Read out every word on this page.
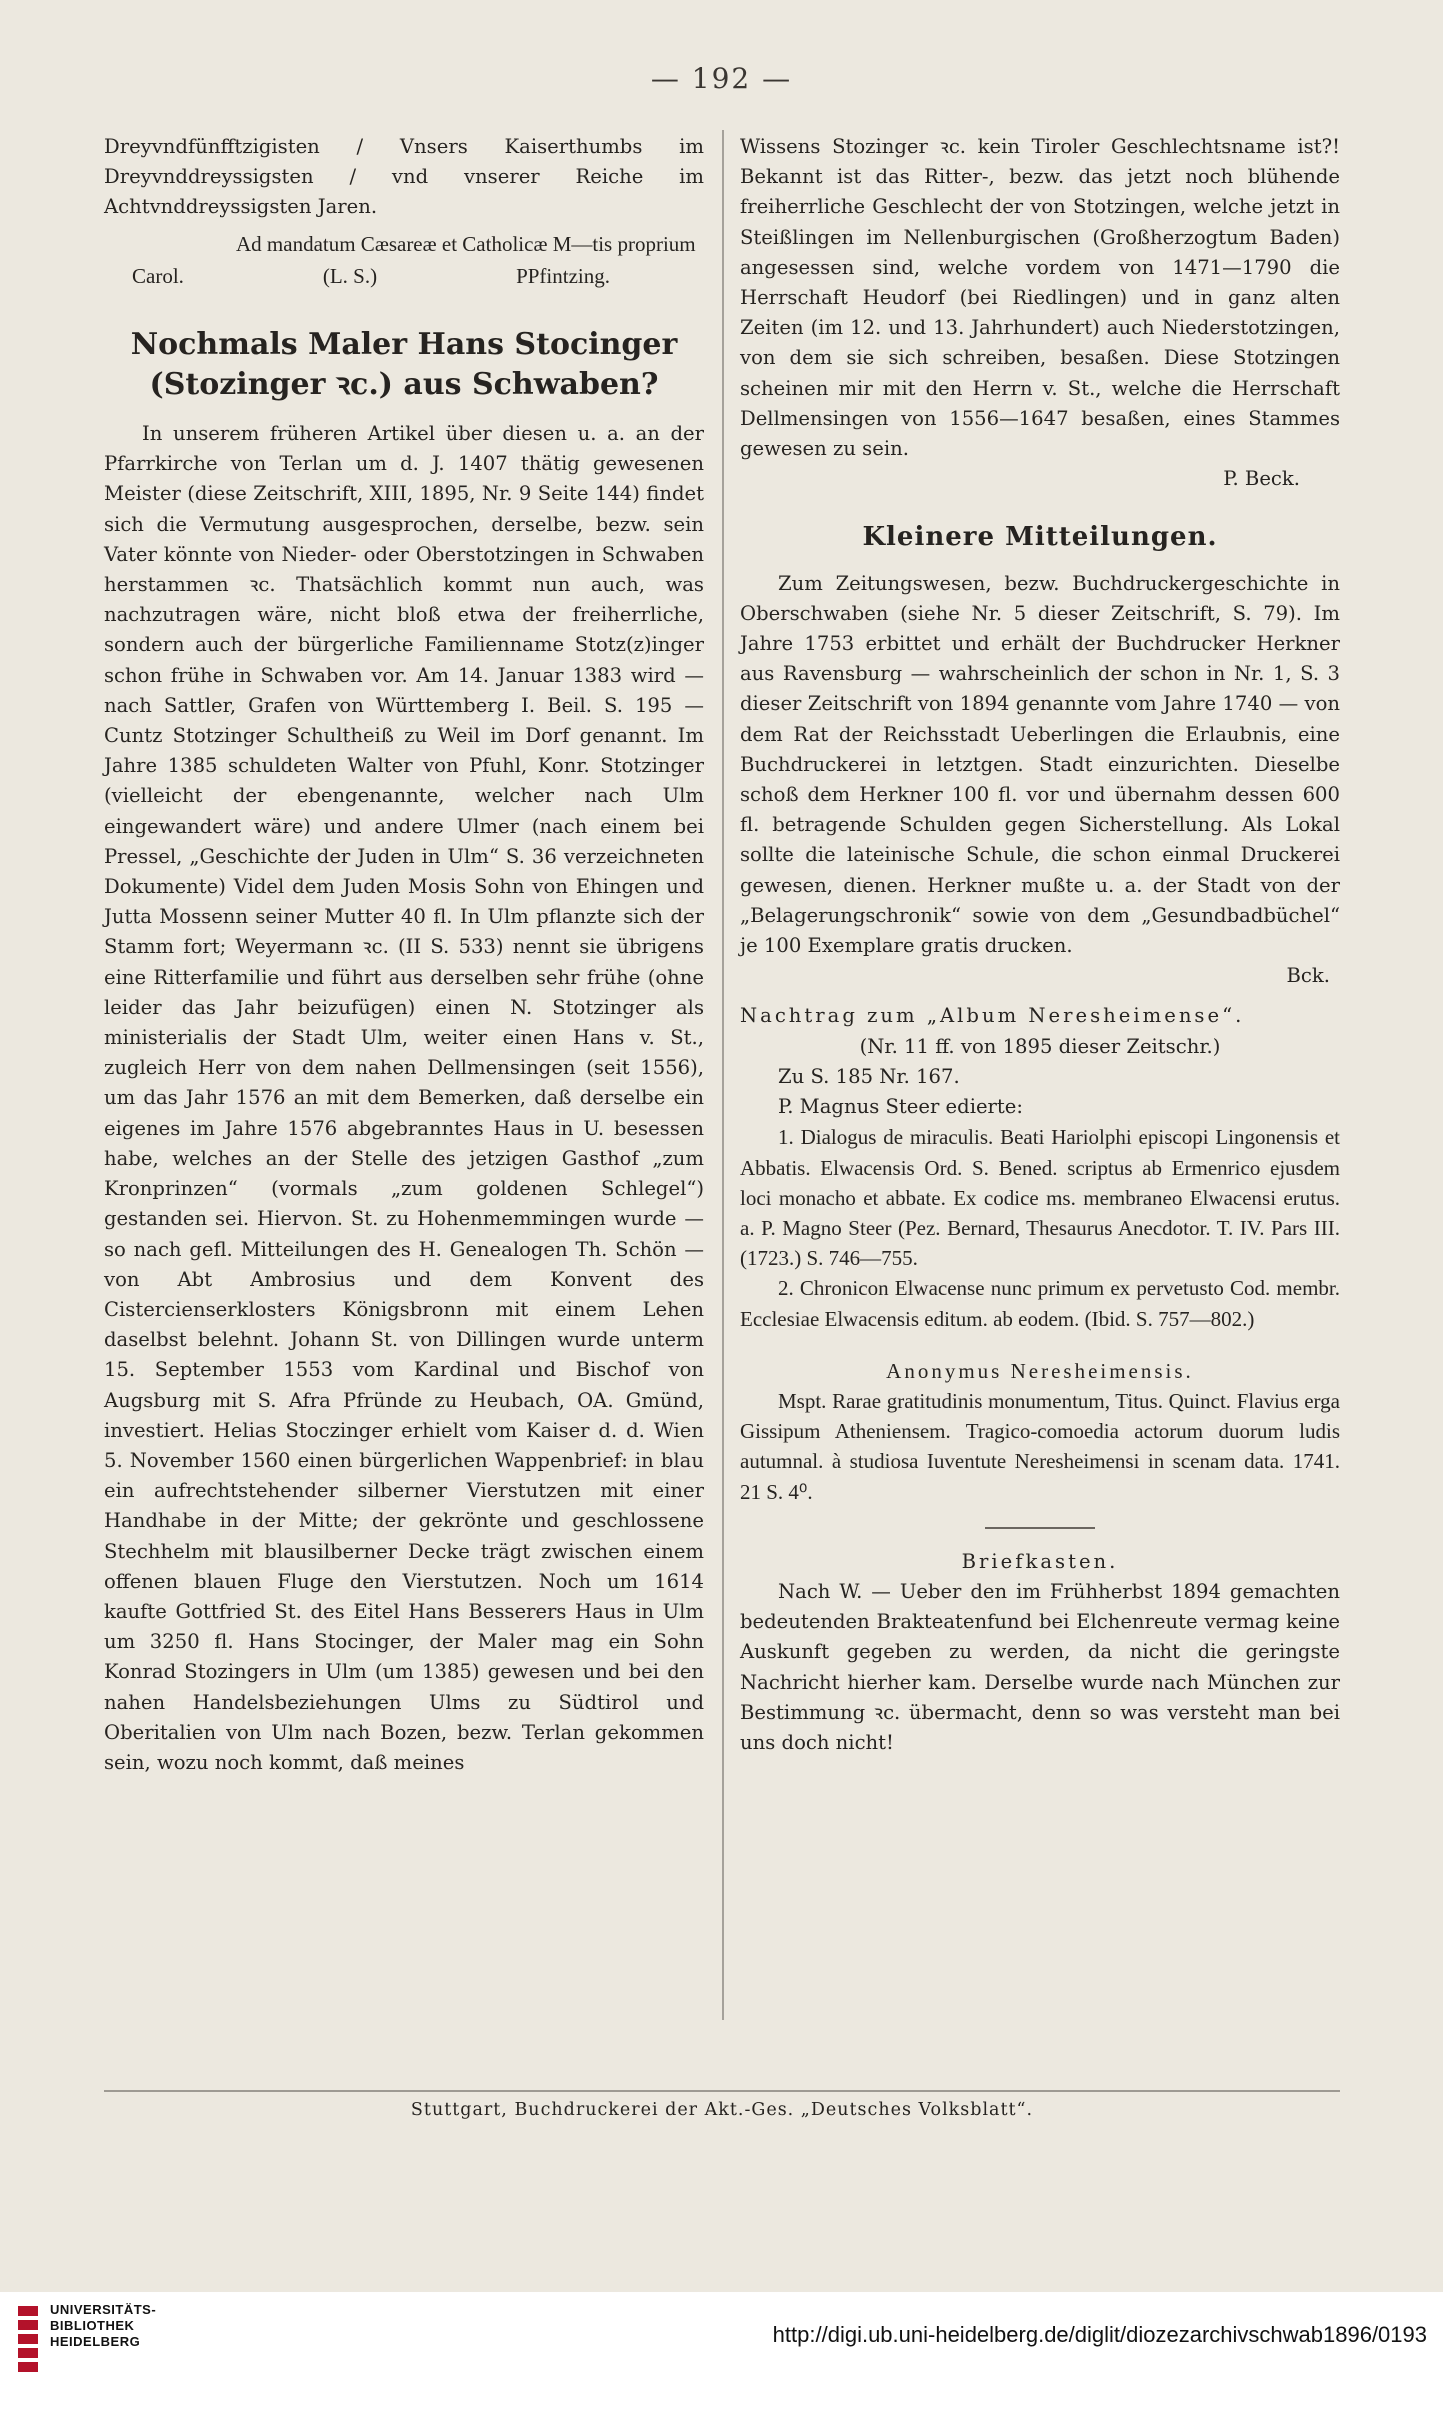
— 192 —

Dreyvndfünfftzigisten / Vnsers Kaiserthumbs im Dreyvnddreyssigsten / vnd vnserer Reiche im Achtvnddreyssigsten Jaren.

Ad mandatum Cæsareæ et Catholicæ M—tis proprium

Carol.	(L. S.)	PPfintzing.
Nochmals Maler Hans Stocinger (Stozinger ꝛc.) aus Schwaben?

In unserem früheren Artikel über diesen u. a. an der Pfarrkirche von Terlan um d. J. 1407 thätig gewesenen Meister (diese Zeitschrift, XIII, 1895, Nr. 9 Seite 144) findet sich die Vermutung ausgesprochen, derselbe, bezw. sein Vater könnte von Nieder- oder Oberstotzingen in Schwaben herstammen ꝛc. Thatsächlich kommt nun auch, was nachzutragen wäre, nicht bloß etwa der freiherrliche, sondern auch der bürgerliche Familienname Stotz(z)inger schon frühe in Schwaben vor. Am 14. Januar 1383 wird — nach Sattler, Grafen von Württemberg I. Beil. S. 195 — Cuntz Stotzinger Schultheiß zu Weil im Dorf genannt. Im Jahre 1385 schuldeten Walter von Pfuhl, Konr. Stotzinger (vielleicht der ebengenannte, welcher nach Ulm eingewandert wäre) und andere Ulmer (nach einem bei Pressel, „Geschichte der Juden in Ulm“ S. 36 verzeichneten Dokumente) Videl dem Juden Mosis Sohn von Ehingen und Jutta Mossenn seiner Mutter 40 fl. In Ulm pflanzte sich der Stamm fort; Weyermann ꝛc. (II S. 533) nennt sie übrigens eine Ritterfamilie und führt aus derselben sehr frühe (ohne leider das Jahr beizufügen) einen N. Stotzinger als ministerialis der Stadt Ulm, weiter einen Hans v. St., zugleich Herr von dem nahen Dellmensingen (seit 1556), um das Jahr 1576 an mit dem Bemerken, daß derselbe ein eigenes im Jahre 1576 abgebranntes Haus in U. besessen habe, welches an der Stelle des jetzigen Gasthof „zum Kronprinzen“ (vormals „zum goldenen Schlegel“) gestanden sei. Hiervon. St. zu Hohenmemmingen wurde — so nach gefl. Mitteilungen des H. Genealogen Th. Schön — von Abt Ambrosius und dem Konvent des Cistercienserklosters Königsbronn mit einem Lehen daselbst belehnt. Johann St. von Dillingen wurde unterm 15. September 1553 vom Kardinal und Bischof von Augsburg mit S. Afra Pfründe zu Heubach, OA. Gmünd, investiert. Helias Stoczinger erhielt vom Kaiser d. d. Wien 5. November 1560 einen bürgerlichen Wappenbrief: in blau ein aufrechtstehender silberner Vierstutzen mit einer Handhabe in der Mitte; der gekrönte und geschlossene Stechhelm mit blausilberner Decke trägt zwischen einem offenen blauen Fluge den Vierstutzen. Noch um 1614 kaufte Gottfried St. des Eitel Hans Besserers Haus in Ulm um 3250 fl. Hans Stocinger, der Maler mag ein Sohn Konrad Stozingers in Ulm (um 1385) gewesen und bei den nahen Handelsbeziehungen Ulms zu Südtirol und Oberitalien von Ulm nach Bozen, bezw. Terlan gekommen sein, wozu noch kommt, daß meines

Wissens Stozinger ꝛc. kein Tiroler Geschlechtsname ist?! Bekannt ist das Ritter-, bezw. das jetzt noch blühende freiherrliche Geschlecht der von Stotzingen, welche jetzt in Steißlingen im Nellenburgischen (Großherzogtum Baden) angesessen sind, welche vordem von 1471—1790 die Herrschaft Heudorf (bei Riedlingen) und in ganz alten Zeiten (im 12. und 13. Jahrhundert) auch Niederstotzingen, von dem sie sich schreiben, besaßen. Diese Stotzingen scheinen mir mit den Herrn v. St., welche die Herrschaft Dellmensingen von 1556—1647 besaßen, eines Stammes gewesen zu sein.

P. Beck.

Kleinere Mitteilungen.

Zum Zeitungswesen, bezw. Buchdruckergeschichte in Oberschwaben (siehe Nr. 5 dieser Zeitschrift, S. 79). Im Jahre 1753 erbittet und erhält der Buchdrucker Herkner aus Ravensburg — wahrscheinlich der schon in Nr. 1, S. 3 dieser Zeitschrift von 1894 genannte vom Jahre 1740 — von dem Rat der Reichsstadt Ueberlingen die Erlaubnis, eine Buchdruckerei in letztgen. Stadt einzurichten. Dieselbe schoß dem Herkner 100 fl. vor und übernahm dessen 600 fl. betragende Schulden gegen Sicherstellung. Als Lokal sollte die lateinische Schule, die schon einmal Druckerei gewesen, dienen. Herkner mußte u. a. der Stadt von der „Belagerungschronik“ sowie von dem „Gesundbadbüchel“ je 100 Exemplare gratis drucken.

Bck.

Nachtrag zum „Album Neresheimense“.

(Nr. 11 ff. von 1895 dieser Zeitschr.)

Zu S. 185 Nr. 167.

P. Magnus Steer edierte:

1. Dialogus de miraculis. Beati Hariolphi episcopi Lingonensis et Abbatis. Elwacensis Ord. S. Bened. scriptus ab Ermenrico ejusdem loci monacho et abbate. Ex codice ms. membraneo Elwacensi erutus. a. P. Magno Steer (Pez. Bernard, Thesaurus Anecdotor. T. IV. Pars III. (1723.) S. 746—755.

2. Chronicon Elwacense nunc primum ex pervetusto Cod. membr. Ecclesiae Elwacensis editum. ab eodem. (Ibid. S. 757—802.)

Anonymus Neresheimensis.

Mspt. Rarae gratitudinis monumentum, Titus. Quinct. Flavius erga Gissipum Atheniensem. Tragico-comoedia actorum duorum ludis autumnal. à studiosa Iuventute Neresheimensi in scenam data. 1741. 21 S. 4⁰.

Briefkasten.

Nach W. — Ueber den im Frühherbst 1894 gemachten bedeutenden Brakteatenfund bei Elchenreute vermag keine Auskunft gegeben zu werden, da nicht die geringste Nachricht hierher kam. Derselbe wurde nach München zur Bestimmung ꝛc. übermacht, denn so was versteht man bei uns doch nicht!

Stuttgart, Buchdruckerei der Akt.-Ges. „Deutsches Volksblatt“.
UNIVERSITÄTS-
BIBLIOTHEK
HEIDELBERG	http://digi.ub.uni-heidelberg.de/diglit/diozezarchivschwab1896/0193
